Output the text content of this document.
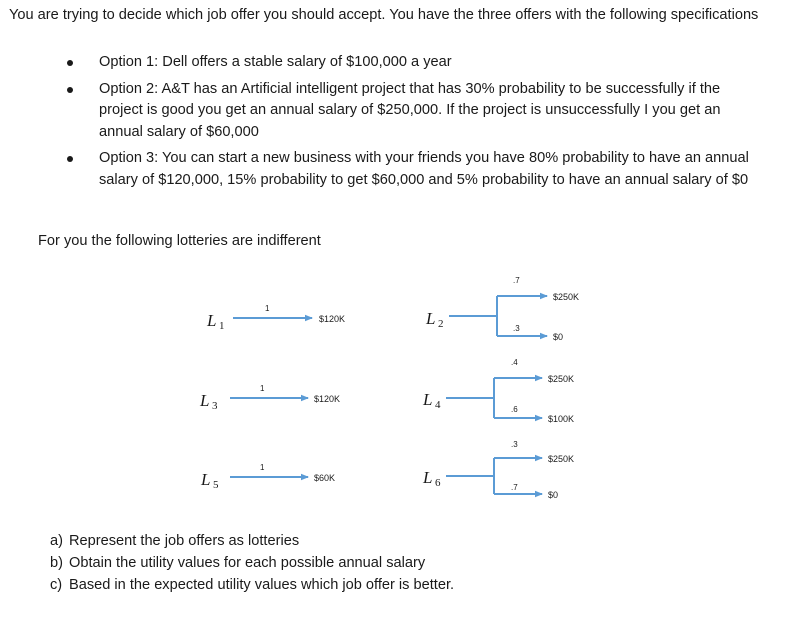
You are trying to decide which job offer you should accept. You have the three offers with the following specifications
Option 1: Dell offers a stable salary of $100,000 a year
Option 2: A&T has an Artificial intelligent project that has 30% probability to be successfully if the project is good you get an annual salary of $250,000. If the project is unsuccessfully I you get an annual salary of $60,000
Option 3: You can start a new business with your friends you have 80% probability to have an annual salary of $120,000, 15% probability to get $60,000 and 5% probability to have an annual salary of $0
For you the following lotteries are indifferent
L 1
1
$120K
L 3
1
$120K
L 5
1
$60K
L 2
.7
.3
$250K
$0
L 4
.4
.6
$250K
$100K
L 6
.3
.7
$250K
$0
a) Represent the job offers as lotteries
b) Obtain the utility values for each possible annual salary
c) Based in the expected utility values which job offer is better.
